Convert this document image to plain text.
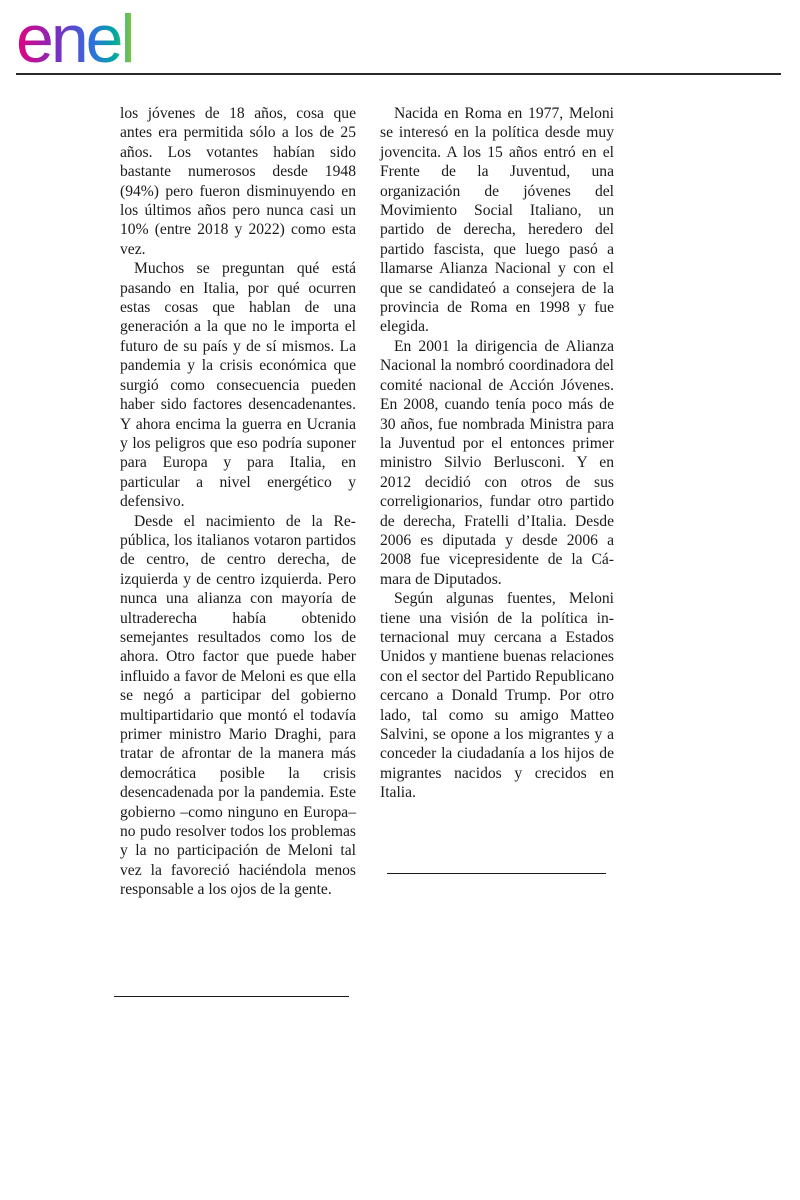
enel

los jóvenes de 18 años, cosa que antes era permitida sólo a los de 25 años. Los votantes habían sido bastante numerosos desde 1948 (94%) pero fueron disminuyendo en los últimos años pero nunca casi un 10% (entre 2018 y 2022) como esta vez.

Muchos se preguntan qué está pasando en Italia, por qué ocurren estas cosas que hablan de una generación a la que no le importa el futuro de su país y de sí mismos. La pandemia y la crisis económica que surgió como consecuencia pueden haber sido factores desencadenantes. Y ahora encima la guerra en Ucrania y los peligros que eso podría suponer para Europa y para Italia, en particular a nivel energético y defensivo.

Desde el nacimiento de la República, los italianos votaron partidos de centro, de centro derecha, de izquierda y de centro izquierda. Pero nunca una alianza con mayoría de ultraderecha había obtenido semejantes resultados como los de ahora. Otro factor que puede haber influido a favor de Meloni es que ella se negó a participar del gobierno multipartidario que montó el todavía primer ministro Mario Draghi, para tratar de afrontar de la manera más democrática posible la crisis desencadenada por la pandemia. Este gobierno –como ninguno en Europa– no pudo resolver todos los problemas y la no participación de Meloni tal vez la favoreció haciéndola menos responsable a los ojos de la gente.

Nacida en Roma en 1977, Meloni se interesó en la política desde muy jovencita. A los 15 años entró en el Frente de la Juventud, una organización de jóvenes del Movimiento Social Italiano, un partido de derecha, heredero del partido fascista, que luego pasó a llamarse Alianza Nacional y con el que se candidateó a consejera de la provincia de Roma en 1998 y fue elegida.

En 2001 la dirigencia de Alianza Nacional la nombró coordinadora del comité nacional de Acción Jóvenes. En 2008, cuando tenía poco más de 30 años, fue nombrada Ministra para la Juventud por el entonces primer ministro Silvio Berlusconi. Y en 2012 decidió con otros de sus correligionarios, fundar otro partido de derecha, Fratelli d’Italia. Desde 2006 es diputada y desde 2006 a 2008 fue vicepresidente de la Cámara de Diputados.

Según algunas fuentes, Meloni tiene una visión de la política internacional muy cercana a Estados Unidos y mantiene buenas relaciones con el sector del Partido Republicano cercano a Donald Trump. Por otro lado, tal como su amigo Matteo Salvini, se opone a los migrantes y a conceder la ciudadanía a los hijos de migrantes nacidos y crecidos en Italia.
